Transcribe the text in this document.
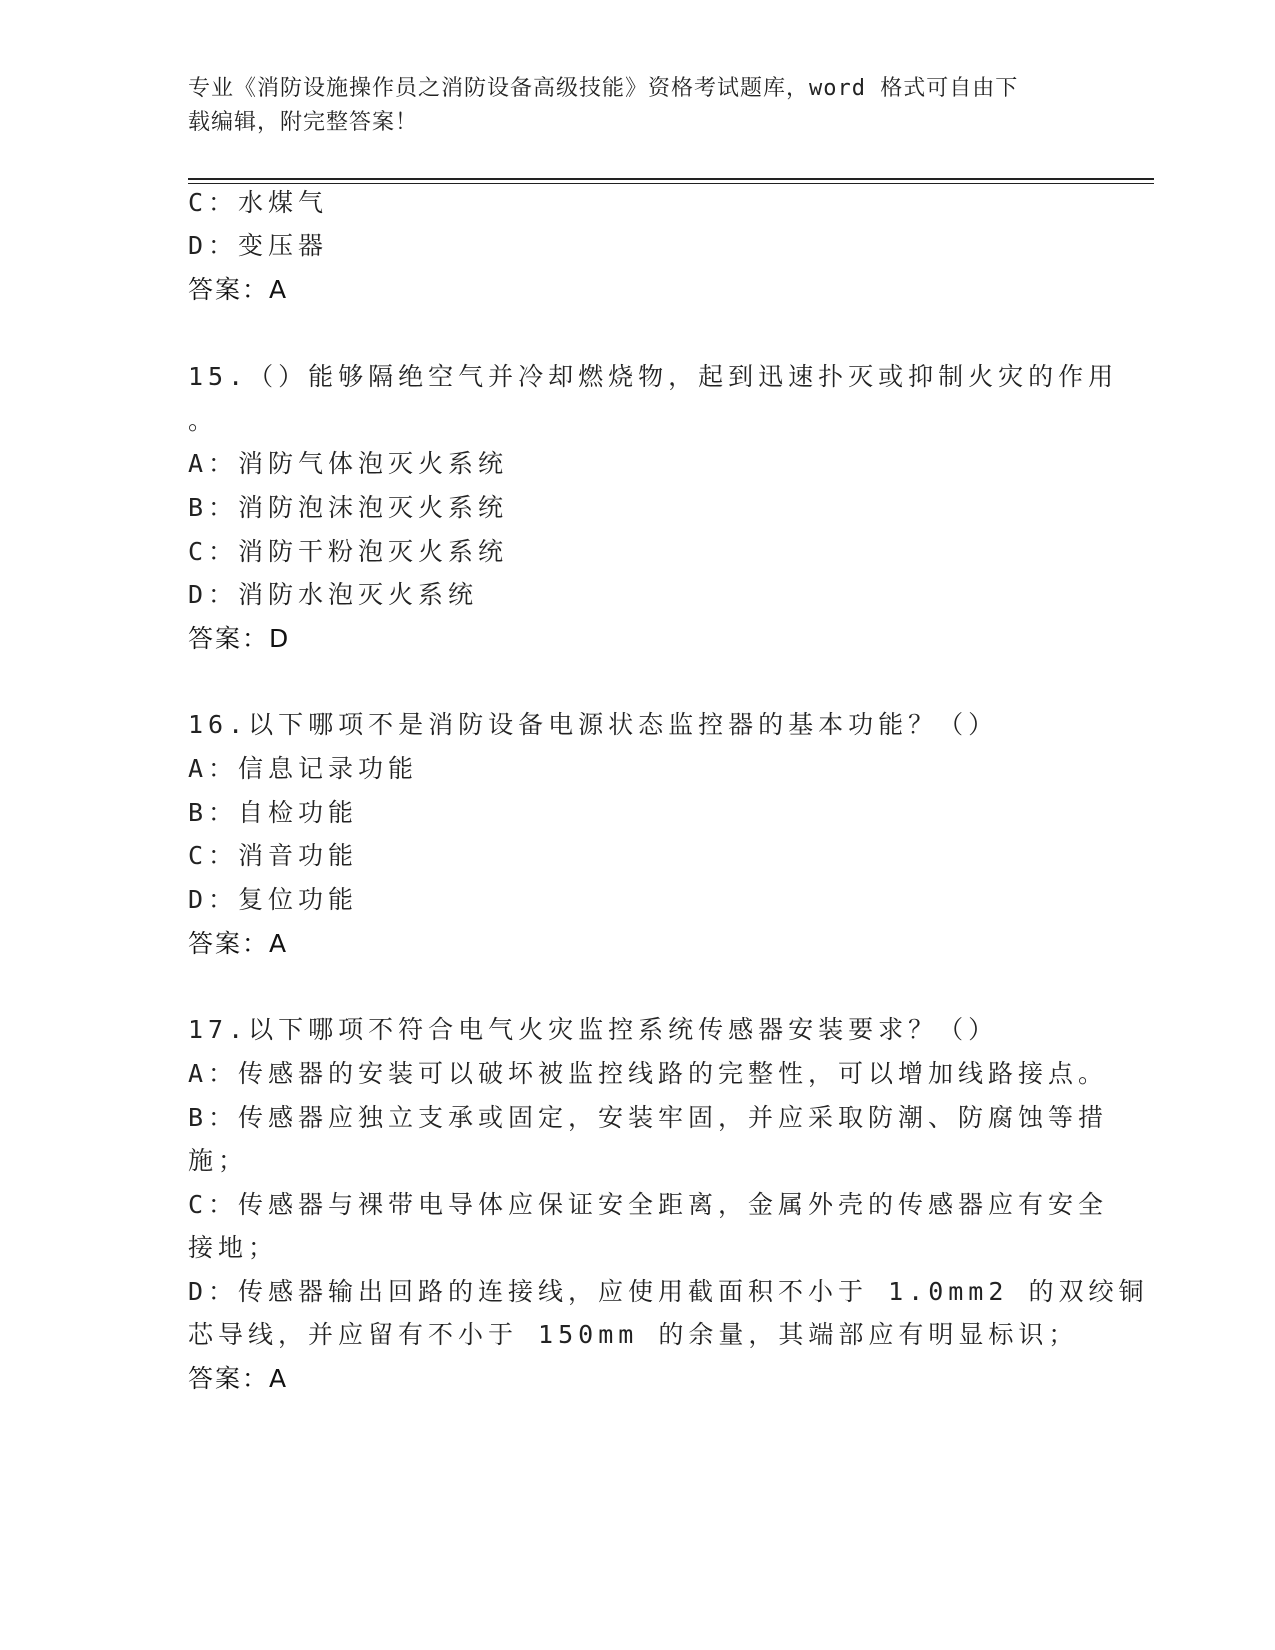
专业《消防设施操作员之消防设备高级技能》资格考试题库，word 格式可自由下
载编辑，附完整答案！
C：水煤气
D：变压器
答案：A
15.（）能够隔绝空气并冷却燃烧物，起到迅速扑灭或抑制火灾的作用
。
A：消防气体泡灭火系统
B：消防泡沫泡灭火系统
C：消防干粉泡灭火系统
D：消防水泡灭火系统
答案：D
16.以下哪项不是消防设备电源状态监控器的基本功能？（）
A：信息记录功能
B：自检功能
C：消音功能
D：复位功能
答案：A
17.以下哪项不符合电气火灾监控系统传感器安装要求？（）
A：传感器的安装可以破坏被监控线路的完整性，可以增加线路接点。
B：传感器应独立支承或固定，安装牢固，并应采取防潮、防腐蚀等措
施；
C：传感器与裸带电导体应保证安全距离，金属外壳的传感器应有安全
接地；
D：传感器输出回路的连接线，应使用截面积不小于 1.0mm2 的双绞铜
芯导线，并应留有不小于 150mm 的余量，其端部应有明显标识；
答案：A
